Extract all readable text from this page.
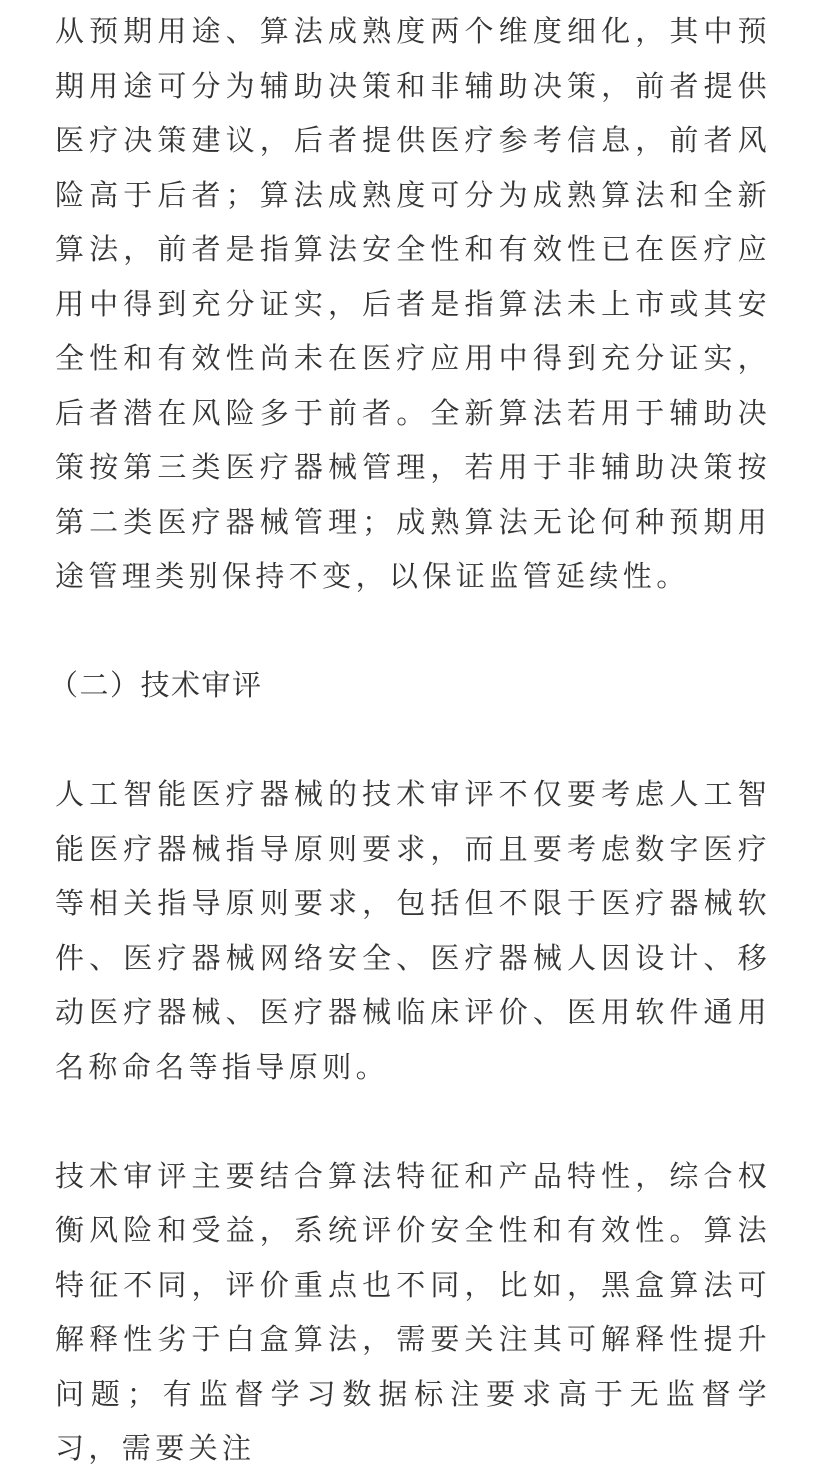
从预期用途、算法成熟度两个维度细化，其中预期用途可分为辅助决策和非辅助决策，前者提供医疗决策建议，后者提供医疗参考信息，前者风险高于后者；算法成熟度可分为成熟算法和全新算法，前者是指算法安全性和有效性已在医疗应用中得到充分证实，后者是指算法未上市或其安全性和有效性尚未在医疗应用中得到充分证实，后者潜在风险多于前者。全新算法若用于辅助决策按第三类医疗器械管理，若用于非辅助决策按第二类医疗器械管理；成熟算法无论何种预期用途管理类别保持不变，以保证监管延续性。

（二）技术审评

人工智能医疗器械的技术审评不仅要考虑人工智能医疗器械指导原则要求，而且要考虑数字医疗等相关指导原则要求，包括但不限于医疗器械软件、医疗器械网络安全、医疗器械人因设计、移动医疗器械、医疗器械临床评价、医用软件通用名称命名等指导原则。

技术审评主要结合算法特征和产品特性，综合权衡风险和受益，系统评价安全性和有效性。算法特征不同，评价重点也不同，比如，黑盒算法可解释性劣于白盒算法，需要关注其可解释性提升问题；有监督学习数据标注要求高于无监督学习，需要关注
